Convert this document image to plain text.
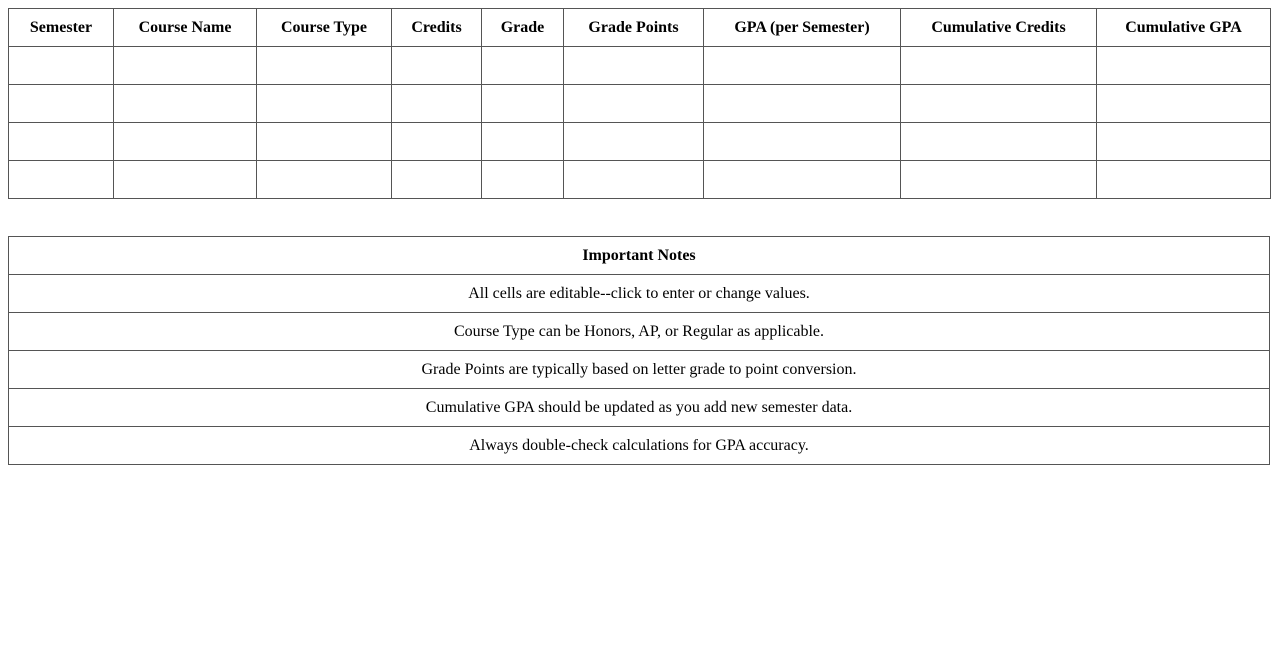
Semester	Course Name	Course Type	Credits	Grade	Grade Points	GPA (per Semester)	Cumulative Credits	Cumulative GPA

Important Notes
All cells are editable--click to enter or change values.
Course Type can be Honors, AP, or Regular as applicable.
Grade Points are typically based on letter grade to point conversion.
Cumulative GPA should be updated as you add new semester data.
Always double-check calculations for GPA accuracy.
